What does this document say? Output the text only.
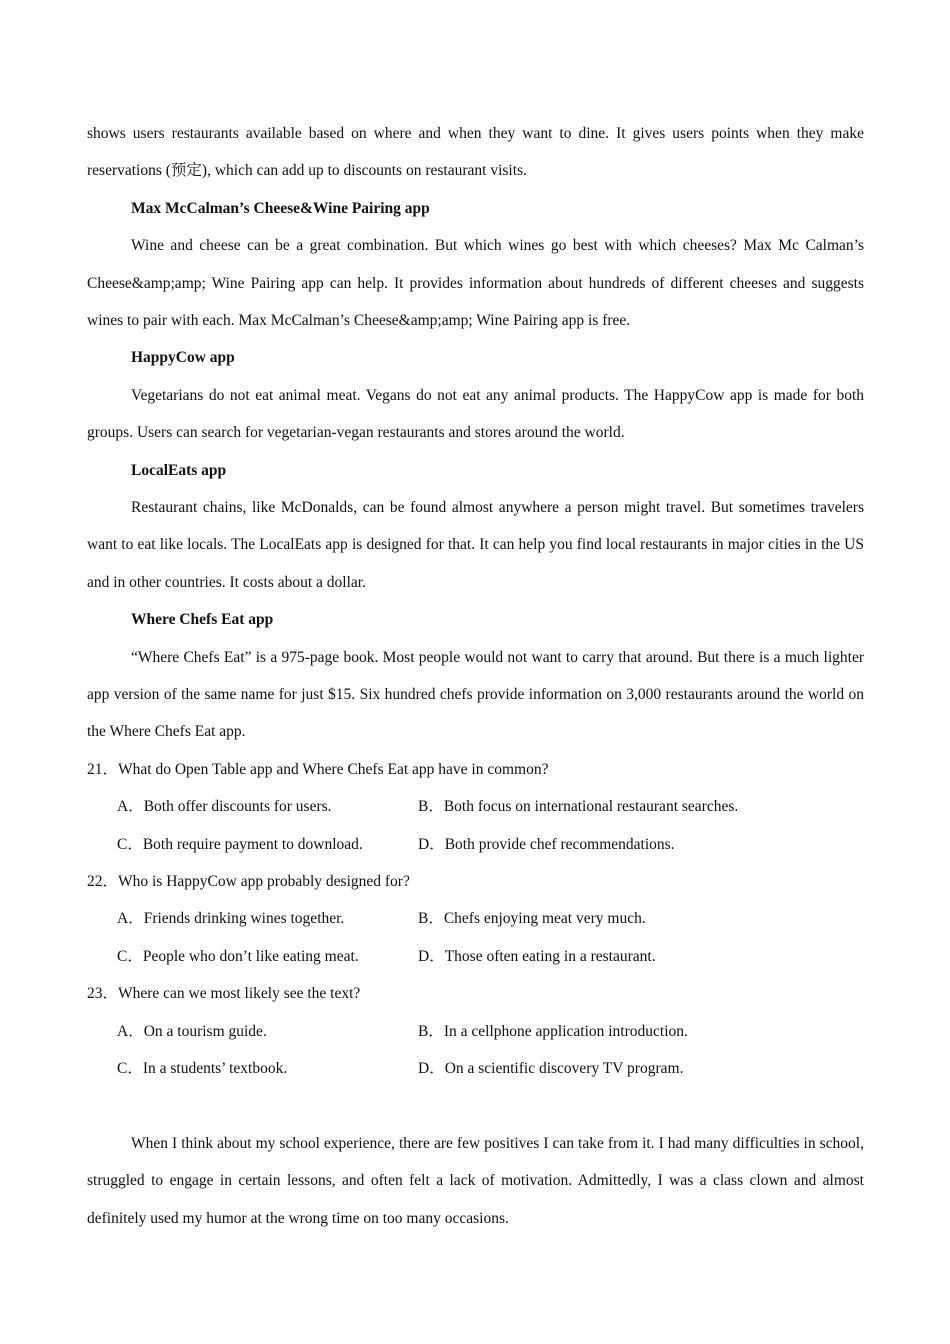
shows users restaurants available based on where and when they want to dine. It gives users points when they make
reservations (预定), which can add up to discounts on restaurant visits.
Max McCalman’s Cheese&Wine Pairing app

Wine and cheese can be a great combination. But which wines go best with which cheeses? Max Mc Calman’s Cheese&amp;amp; Wine Pairing app can help. It provides information about hundreds of different cheeses and suggests wines to pair with each. Max McCalman’s Cheese&amp;amp; Wine Pairing app is free.

HappyCow app

Vegetarians do not eat animal meat. Vegans do not eat any animal products. The HappyCow app is made for both groups. Users can search for vegetarian-vegan restaurants and stores around the world.

LocalEats app

Restaurant chains, like McDonalds, can be found almost anywhere a person might travel. But sometimes travelers want to eat like locals. The LocalEats app is designed for that. It can help you find local restaurants in major cities in the US and in other countries. It costs about a dollar.

Where Chefs Eat app

“Where Chefs Eat” is a 975-page book. Most people would not want to carry that around. But there is a much lighter app version of the same name for just $15. Six hundred chefs provide information on 3,000 restaurants around the world on the Where Chefs Eat app.

21．What do Open Table app and Where Chefs Eat app have in common?
A．Both offer discounts for users.	B．Both focus on international restaurant searches.
C．Both require payment to download.	D．Both provide chef recommendations.
22．Who is HappyCow app probably designed for?
A．Friends drinking wines together.	B．Chefs enjoying meat very much.
C．People who don’t like eating meat.	D．Those often eating in a restaurant.
23．Where can we most likely see the text?
A．On a tourism guide.	B．In a cellphone application introduction.
C．In a students’ textbook.	D．On a scientific discovery TV program.

When I think about my school experience, there are few positives I can take from it. I had many difficulties in school, struggled to engage in certain lessons, and often felt a lack of motivation. Admittedly, I was a class clown and almost definitely used my humor at the wrong time on too many occasions.
